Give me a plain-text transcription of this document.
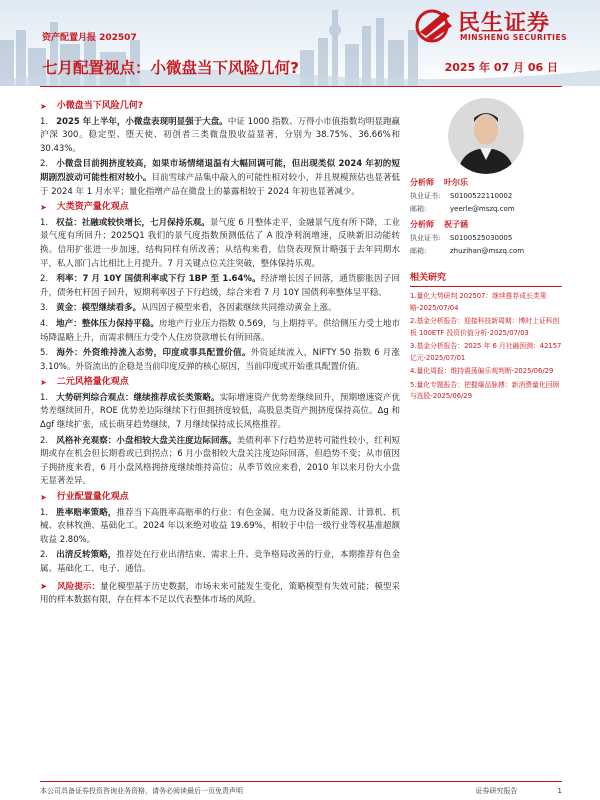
民生证券
MINSHENG SECURITIES
资产配置月报 202507
七月配置视点：小微盘当下风险几何?	2025 年 07 月 06 日
➤ 小微盘当下风险几何?

1. 2025 年上半年，小微盘表现明显强于大盘。中证 1000 指数、万得小市值指数均明显跑赢沪深 300。稳定型、堕天使、初创者三类微盘股收益显著，分别为 38.75%、36.66%和 30.43%。

2. 小微盘目前拥挤度较高，如果市场情绪退温有大幅回调可能，但出现类似 2024 年初的短期剧烈波动可能性相对较小。目前雪球产品集中敲入的可能性相对较小，并且规模预估也显著低于 2024 年 1 月水平；量化指增产品在微盘上的暴露相较于 2024 年初也显著减少。

➤ 大类资产量化观点

1. 权益：社融或较快增长，七月保持乐观。景气度 6 月整体走平，金融景气度有所下降，工业景气度有所回升；2025Q1 我们的景气度指数预测低估了 A 股净利润增速，反映新旧动能转换。信用扩张进一步加速，结构同样有所改善；从结构来看，信贷表现预计略强于去年同期水平，私人部门占比相比上月提升。7 月关键点位关注突破，整体保持乐观。

2. 利率：7 月 10Y 国债利率或下行 1BP 至 1.64%。经济增长因子回落，通货膨胀因子回升，债务杠杆因子回升，短期利率因子下行趋缓，综合来看 7 月 10Y 国债利率整体呈平稳。

3. 黄金：模型继续看多。从四因子模型来看，各因素继续共同推动黄金上涨。

4. 地产：整体压力保持平稳。房地产行业压力指数 0.569，与上期持平。供给侧压力受土地市场降温略上升，而需求侧压力受个人住房贷款增长有所回落。

5. 海外：外资维持流入态势，印度或事具配置价值。外资延续流入，NIFTY 50 指数 6 月涨 3.10%。外资流出的企稳是当前印度反弹的核心原因，当前印度或开始重具配置价值。

➤ 二元风格量化观点

1. 大势研判综合观点：继续推荐成长类策略。实际增速资产优势差继续回升，预期增速资产优势差继续回升，ROE 优势差边际继续下行但拥挤度较低，高股息类资产拥挤度保持高位。Δg 和Δgf 继续扩张，成长萌芽趋势继续，7 月继续保持成长风格推荐。

2. 风格补充观察：小盘相较大盘关注度边际回落。美债利率下行趋势逆转可能性较小，红利短期或存在机会但长期看或已到拐点；6 月小盘相较大盘关注度边际回落，但趋势不变；从市值因子拥挤度来看，6 月小盘风格拥挤度继续维持高位；从季节效应来看，2010 年以来月份大小盘无显著差异。

➤ 行业配置量化观点

1. 胜率赔率策略，推荐当下高胜率高赔率的行业：有色金属、电力设备及新能源、计算机、机械、农林牧渔、基础化工。2024 年以来绝对收益 19.69%，相较于中信一级行业等权基准超额收益 2.80%。

2. 出清反转策略，推荐处在行业出清结束、需求上升、竞争格局改善的行业，本期推荐有色金属、基础化工、电子、通信。

➤ 风险提示：量化模型基于历史数据，市场未来可能发生变化，策略模型有失效可能；模型采用的样本数据有限，存在样本不足以代表整体市场的风险。

分析师 叶尔乐
执业证书: S0100522110002
邮箱:	yeerle@mszq.com
分析师 祝子涵
执业证书: S0100525030005
邮箱:	zhuzihan@mszq.com
相关研究
1.量化大势研判 202507：继续推荐成长类策略-2025/07/04
2.基金分析报告：迎接科技新周期：博时上证科创板 100ETF 投资价值分析-2025/07/03
3.基金分析报告：2025 年 6 月社融预测：42157 亿元-2025/07/01
4.量化周报：维持震荡偏乐观判断-2025/06/29
5.量化专题报告：把握爆品脉搏：新消费量化回顾与选股-2025/06/29
本公司具备证券投资咨询业务资格，请务必阅读最后一页免责声明	证券研究报告	1
